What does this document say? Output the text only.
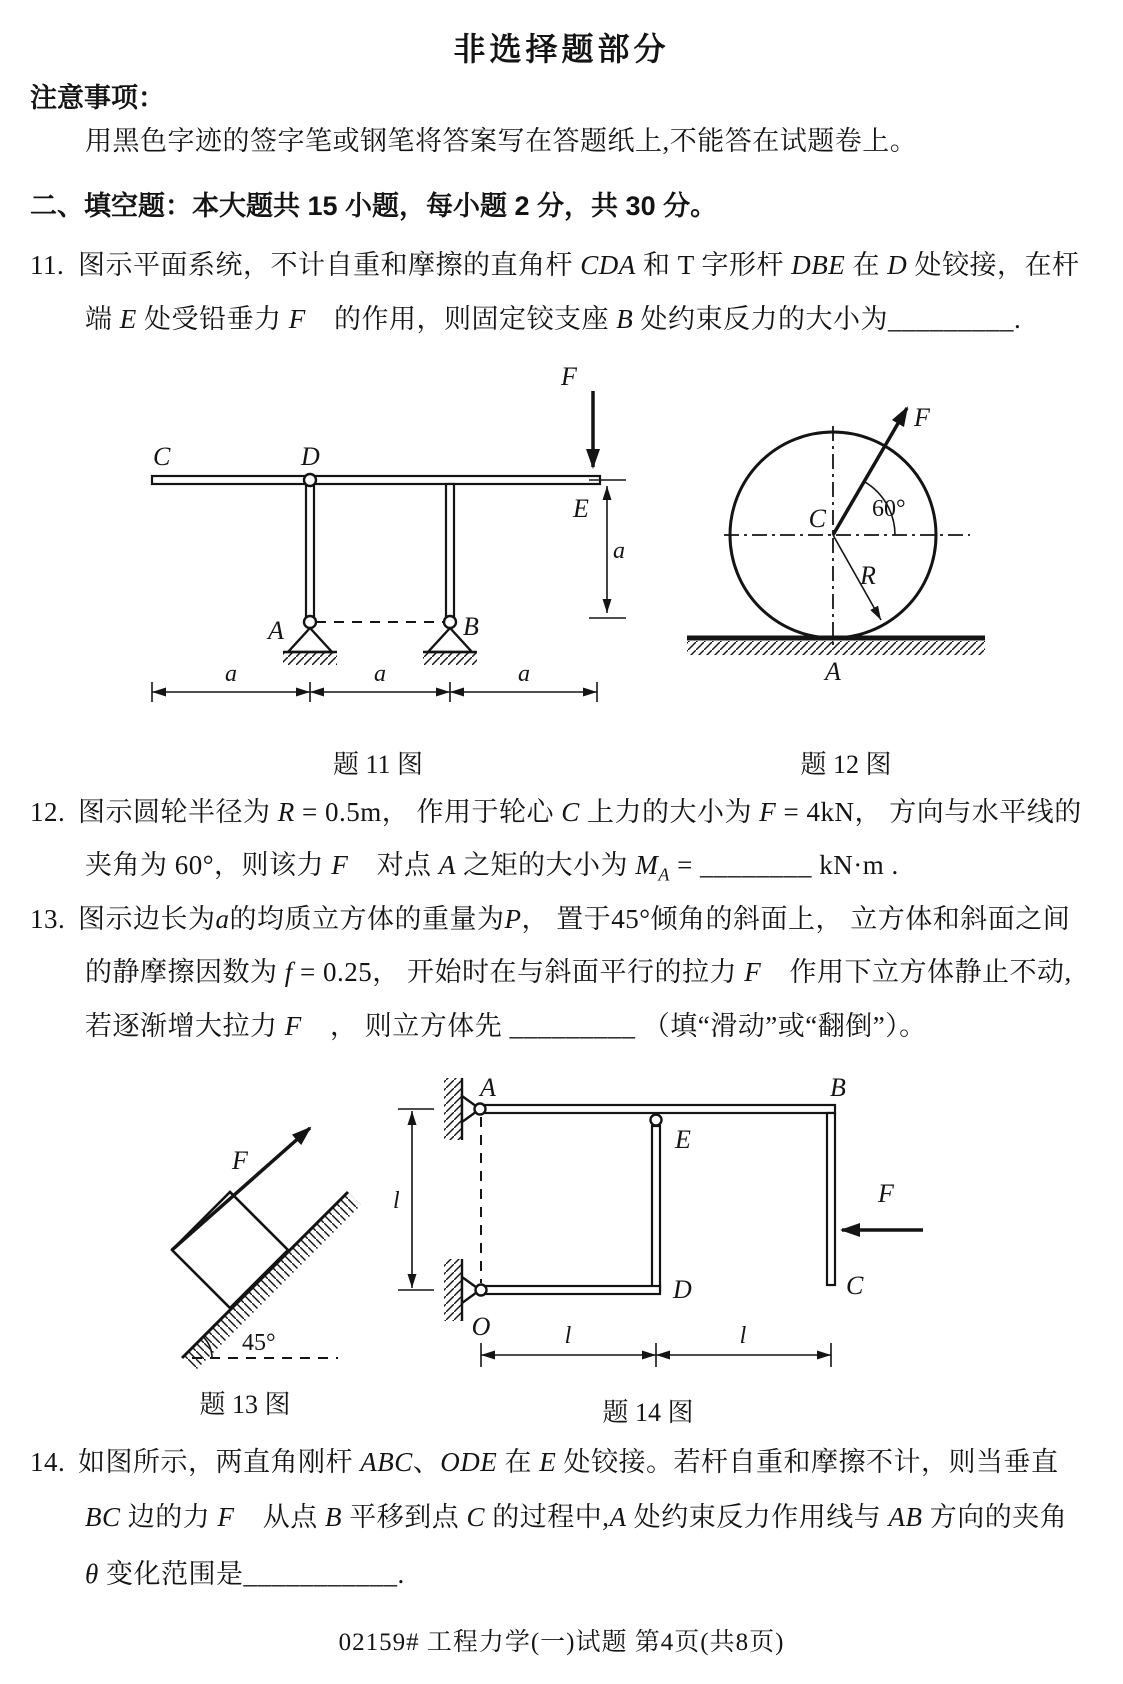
非选择题部分
注意事项：
用黑色字迹的签字笔或钢笔将答案写在答题纸上,不能答在试题卷上。
二、填空题：本大题共 15 小题，每小题 2 分，共 30 分。
11. 图示平面系统，不计自重和摩擦的直角杆 CDA 和 T 字形杆 DBE 在 D 处铰接，在杆
端 E 处受铅垂力 F⃗ 的作用，则固定铰支座 B 处约束反力的大小为_________.
C	D
E
A	B
F⃗
a	a	a
a
C
A
F⃗
60°
R
题 11 图	题 12 图
12. 图示圆轮半径为 R = 0.5m， 作用于轮心 C 上力的大小为 F = 4kN， 方向与水平线的
夹角为 60°，则该力 F⃗ 对点 A 之矩的大小为 $M_A$ = ________ kN·m .
13. 图示边长为a的均质立方体的重量为P， 置于45°倾角的斜面上， 立方体和斜面之间
的静摩擦因数为 f = 0.25， 开始时在与斜面平行的拉力 F⃗ 作用下立方体静止不动,
若逐渐增大拉力 F⃗ ， 则立方体先 _________ （填“滑动”或“翻倒”）。
F⃗
45°
A	B
C
D
E
O
F⃗
l
l	l
题 13 图	题 14 图
14. 如图所示，两直角刚杆 ABC、ODE 在 E 处铰接。若杆自重和摩擦不计，则当垂直
BC 边的力 F⃗ 从点 B 平移到点 C 的过程中,A 处约束反力作用线与 AB 方向的夹角
θ 变化范围是___________.
02159# 工程力学(一)试题 第4页(共8页)
